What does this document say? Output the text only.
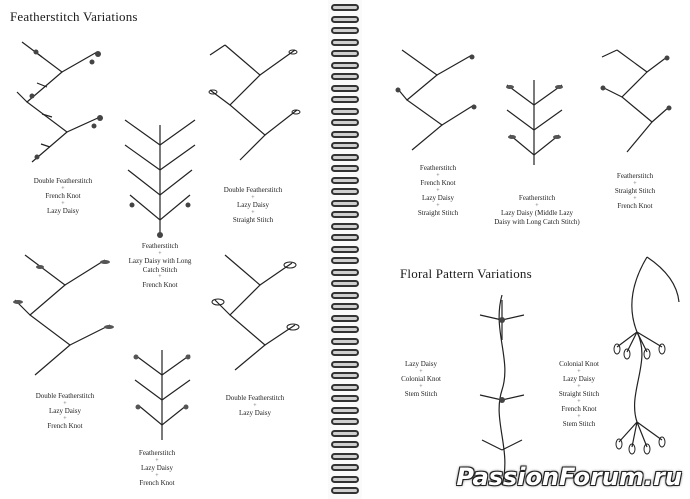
Featherstitch Variations
Double Featherstitch
+
French Knot
+
Lazy Daisy
Featherstitch
+
Lazy Daisy with Long Catch Stitch
+
French Knot
Double Featherstitch
+
Lazy Daisy
+
Straight Stitch
Double Featherstitch
+
Lazy Daisy
+
French Knot
Featherstitch
+
Lazy Daisy
+
French Knot
Double Featherstitch
+
Lazy Daisy
Floral Pattern Variations
Featherstitch
+
French Knot
+
Lazy Daisy
+
Straight Stitch
Featherstitch
+
Lazy Daisy (Middle Lazy Daisy with Long Catch Stitch)
Featherstitch
+
Straight Stitch
+
French Knot
Lazy Daisy
+
Colonial Knot
+
Stem Stitch
Colonial Knot
+
Lazy Daisy
+
Straight Stitch
+
French Knot
+
Stem Stitch
PassionForum.ru
